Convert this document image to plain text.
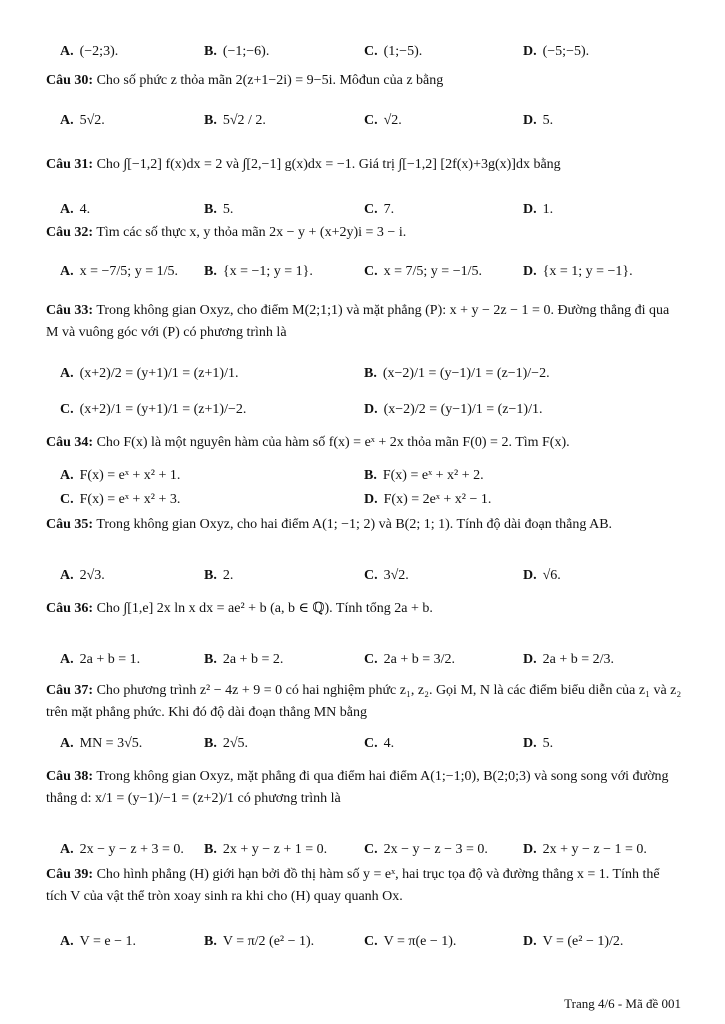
A. (−2;3).	B. (−1;−6).	C. (1;−5).	D. (−5;−5).
Câu 30: Cho số phức z thỏa mãn 2(z+1−2i) = 9−5i. Môđun của z bằng
A. 5√2.	B. 5√2 / 2.	C. √2.	D. 5.
Câu 31: Cho ∫[−1,2] f(x)dx = 2 và ∫[2,−1] g(x)dx = −1. Giá trị ∫[−1,2] [2f(x)+3g(x)]dx bằng
A. 4.	B. 5.	C. 7.	D. 1.
Câu 32: Tìm các số thực x, y thỏa mãn 2x − y + (x+2y)i = 3 − i.
A. x = −7/5; y = 1/5. B. {x = −1; y = 1}.	C. x = 7/5; y = −1/5.	D. {x = 1; y = −1}.
Câu 33: Trong không gian Oxyz, cho điểm M(2;1;1) và mặt phẳng (P): x + y − 2z − 1 = 0. Đường thẳng đi qua M và vuông góc với (P) có phương trình là
A. (x+2)/2 = (y+1)/1 = (z+1)/1.	B. (x−2)/1 = (y−1)/1 = (z−1)/−2.
C. (x+2)/1 = (y+1)/1 = (z+1)/−2.	D. (x−2)/2 = (y−1)/1 = (z−1)/1.
Câu 34: Cho F(x) là một nguyên hàm của hàm số f(x) = eˣ + 2x thỏa mãn F(0) = 2. Tìm F(x).
A. F(x) = eˣ + x² + 1.	B. F(x) = eˣ + x² + 2.
C. F(x) = eˣ + x² + 3.	D. F(x) = 2eˣ + x² − 1.
Câu 35: Trong không gian Oxyz, cho hai điểm A(1; −1; 2) và B(2; 1; 1). Tính độ dài đoạn thẳng AB.
A. 2√3.	B. 2.	C. 3√2.	D. √6.
Câu 36: Cho ∫[1,e] 2x ln x dx = ae² + b (a, b ∈ ℚ). Tính tổng 2a + b.
A. 2a + b = 1.	B. 2a + b = 2.	C. 2a + b = 3/2.	D. 2a + b = 2/3.
Câu 37: Cho phương trình z² − 4z + 9 = 0 có hai nghiệm phức z₁, z₂. Gọi M, N là các điểm biểu diễn của z₁ và z₂ trên mặt phẳng phức. Khi đó độ dài đoạn thẳng MN bằng
A. MN = 3√5.	B. 2√5.	C. 4.	D. 5.
Câu 38: Trong không gian Oxyz, mặt phẳng đi qua điểm hai điểm A(1;−1;0), B(2;0;3) và song song với đường thẳng d: x/1 = (y−1)/−1 = (z+2)/1 có phương trình là
A. 2x − y − z + 3 = 0. B. 2x + y − z + 1 = 0.	C. 2x − y − z − 3 = 0.	D. 2x + y − z − 1 = 0.
Câu 39: Cho hình phẳng (H) giới hạn bởi đồ thị hàm số y = eˣ, hai trục tọa độ và đường thẳng x = 1. Tính thể tích V của vật thể tròn xoay sinh ra khi cho (H) quay quanh Ox.
A. V = e − 1.	B. V = π/2 (e² − 1).	C. V = π(e − 1).	D. V = (e² − 1)/2.
Trang 4/6 - Mã đề 001
